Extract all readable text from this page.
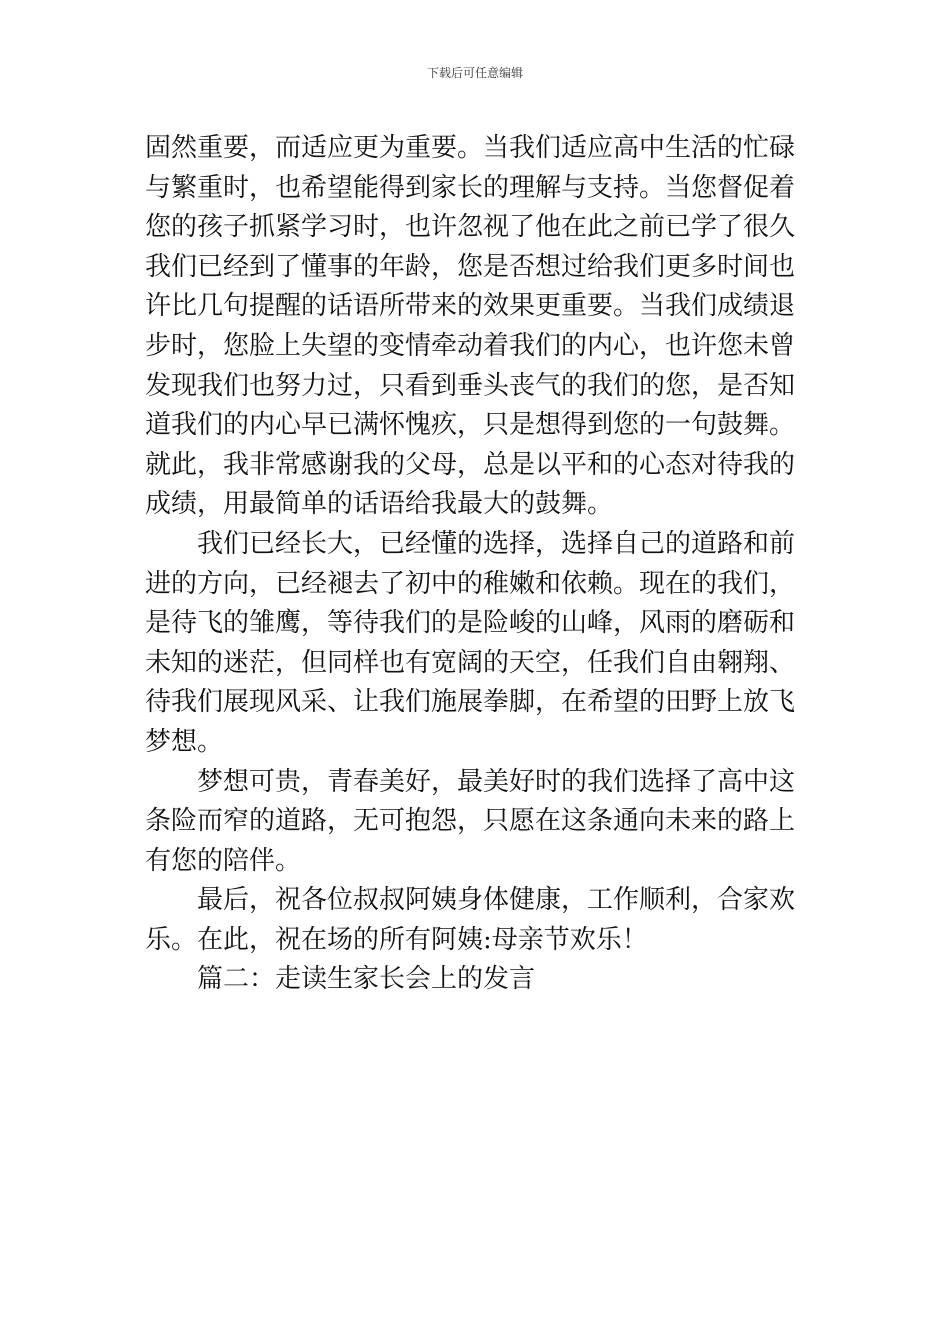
下载后可任意编辑

固然重要，而适应更为重要。当我们适应高中生活的忙碌
与繁重时，也希望能得到家长的理解与支持。当您督促着
您的孩子抓紧学习时，也许忽视了他在此之前已学了很久
我们已经到了懂事的年龄，您是否想过给我们更多时间也
许比几句提醒的话语所带来的效果更重要。当我们成绩退
步时，您脸上失望的变情牵动着我们的内心，也许您未曾
发现我们也努力过，只看到垂头丧气的我们的您，是否知
道我们的内心早已满怀愧疚，只是想得到您的一句鼓舞。
就此，我非常感谢我的父母，总是以平和的心态对待我的
成绩，用最简单的话语给我最大的鼓舞。

　　我们已经长大，已经懂的选择，选择自己的道路和前
进的方向，已经褪去了初中的稚嫩和依赖。现在的我们，
是待飞的雏鹰，等待我们的是险峻的山峰，风雨的磨砺和
未知的迷茫，但同样也有宽阔的天空，任我们自由翱翔、
待我们展现风采、让我们施展拳脚，在希望的田野上放飞
梦想。

　　梦想可贵，青春美好，最美好时的我们选择了高中这
条险而窄的道路，无可抱怨，只愿在这条通向未来的路上
有您的陪伴。

　　最后，祝各位叔叔阿姨身体健康，工作顺利，合家欢
乐。在此，祝在场的所有阿姨:母亲节欢乐！

　　篇二：走读生家长会上的发言
